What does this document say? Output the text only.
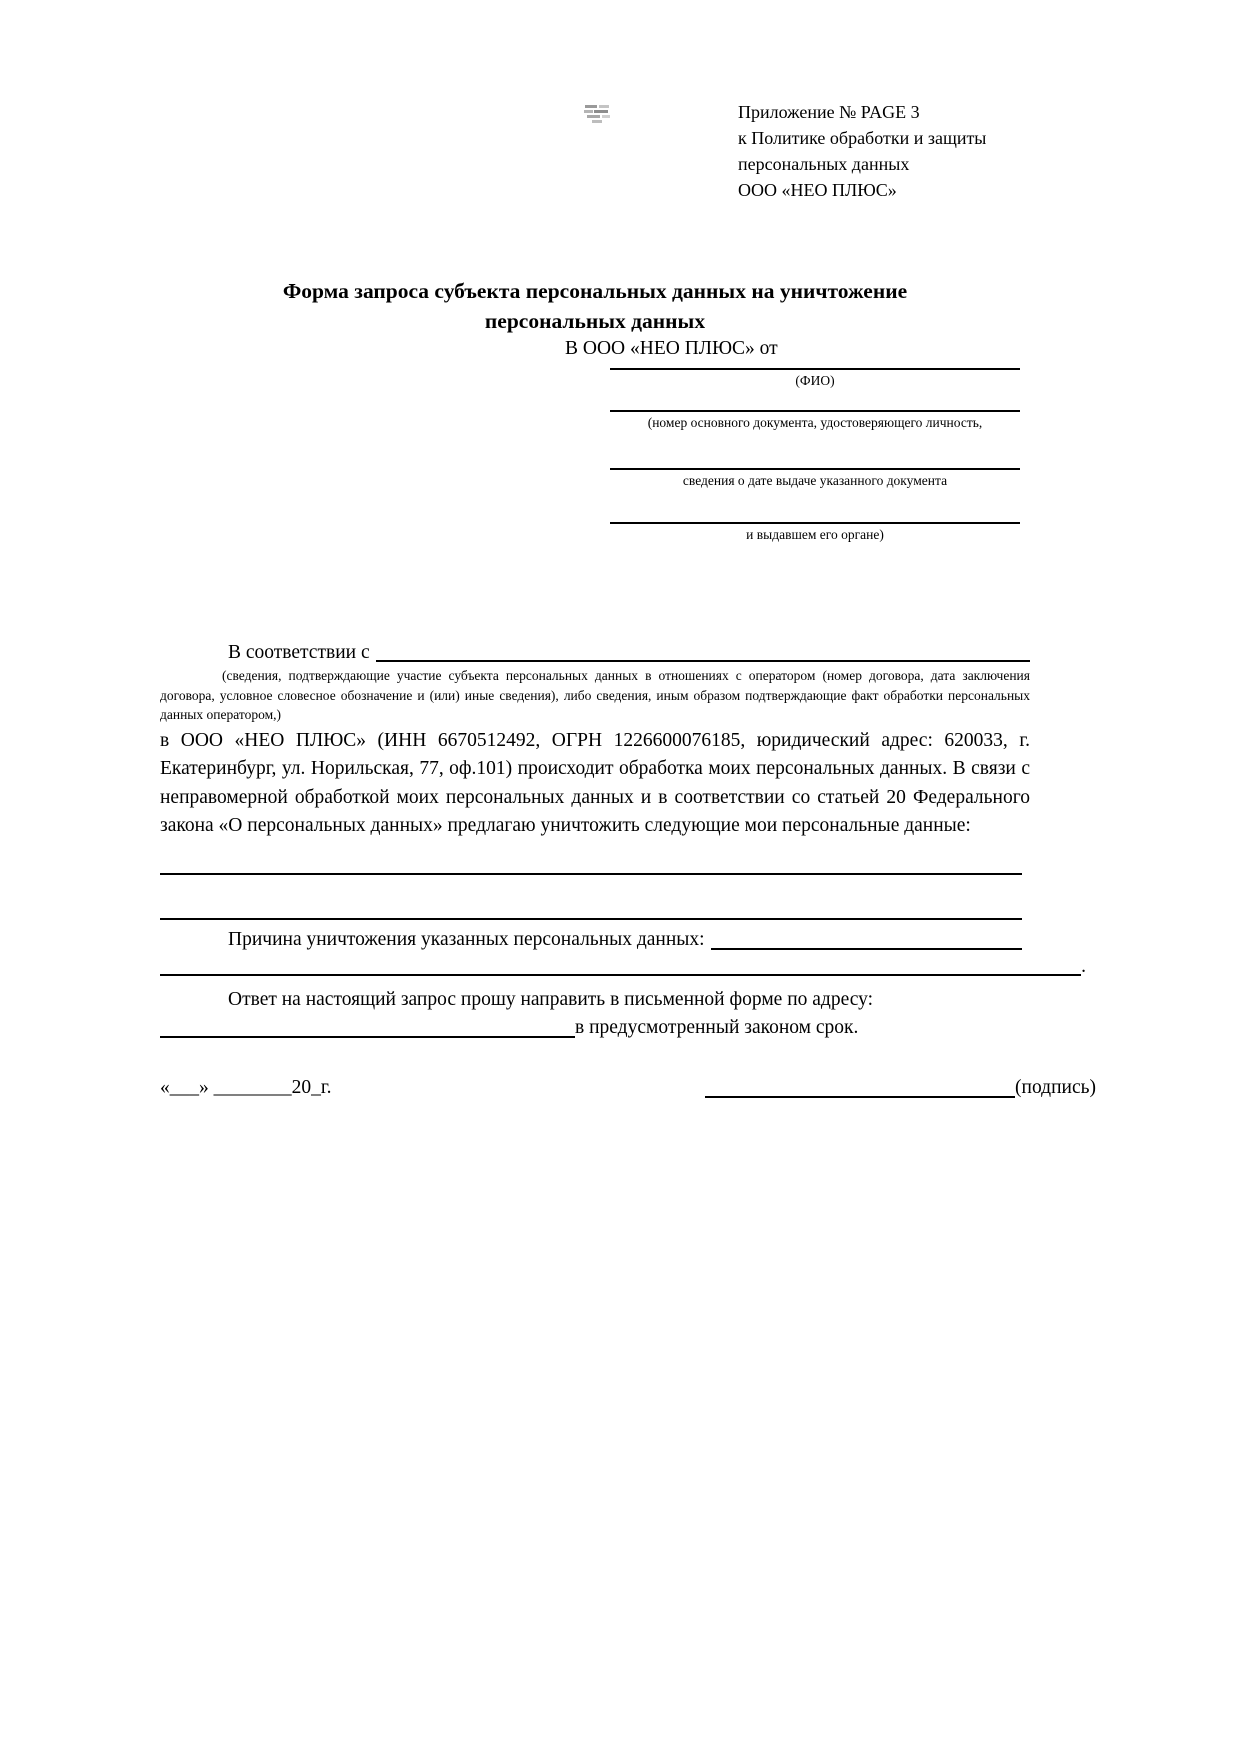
Приложение № PAGE 3
к Политике обработки и защиты
персональных данных
ООО «НЕО ПЛЮС»
Форма запроса субъекта персональных данных на уничтожение
персональных данных
В ООО «НЕО ПЛЮС» от
(ФИО)
(номер основного документа, удостоверяющего личность,
сведения о дате выдаче указанного документа
и выдавшем его органе)
В соответствии с
(сведения, подтверждающие участие субъекта персональных данных в отношениях с оператором (номер договора, дата заключения договора, условное словесное обозначение и (или) иные сведения), либо сведения, иным образом подтверждающие факт обработки персональных данных оператором,)
в ООО «НЕО ПЛЮС» (ИНН 6670512492, ОГРН 1226600076185, юридический адрес: 620033, г. Екатеринбург, ул. Норильская, 77, оф.101) происходит обработка моих персональных данных. В связи с неправомерной обработкой моих персональных данных и в соответствии со статьей 20 Федерального закона «О персональных данных» предлагаю уничтожить следующие мои персональные данные:
Причина уничтожения указанных персональных данных:
.
Ответ на настоящий запрос прошу направить в письменной форме по адресу:
в предусмотренный законом срок.
«___» ________20_г.	(подпись)
